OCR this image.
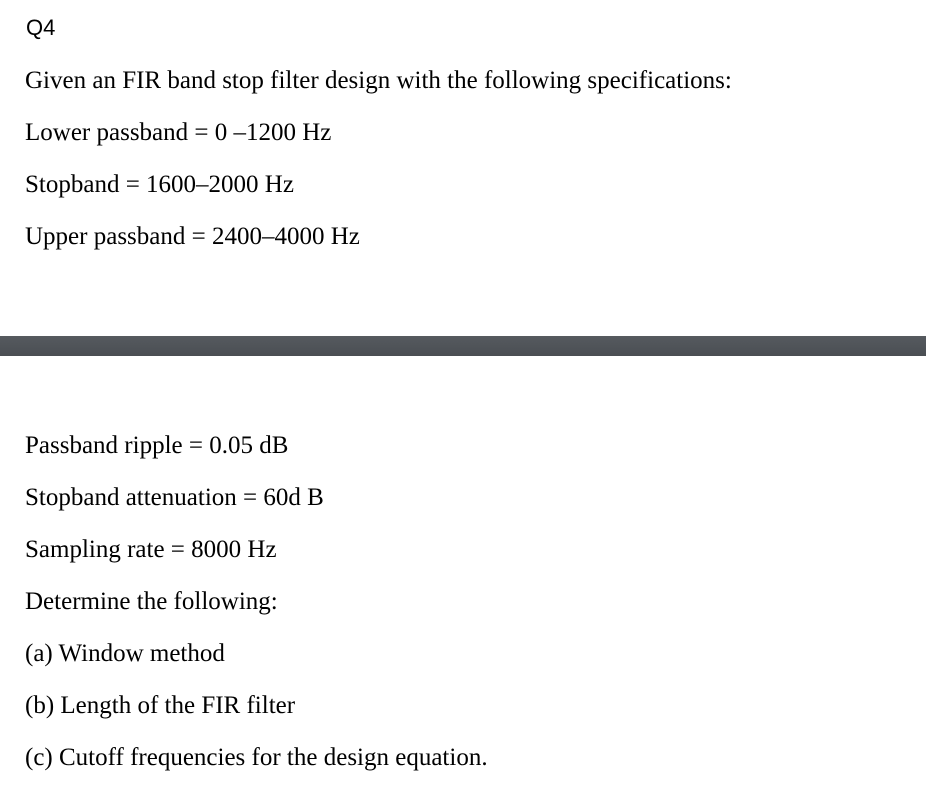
Q4
Given an FIR band stop filter design with the following specifications:
Lower passband = 0 –1200 Hz
Stopband = 1600–2000 Hz
Upper passband = 2400–4000 Hz
Passband ripple = 0.05 dB
Stopband attenuation = 60d B
Sampling rate = 8000 Hz
Determine the following:
(a) Window method
(b) Length of the FIR filter
(c) Cutoff frequencies for the design equation.
